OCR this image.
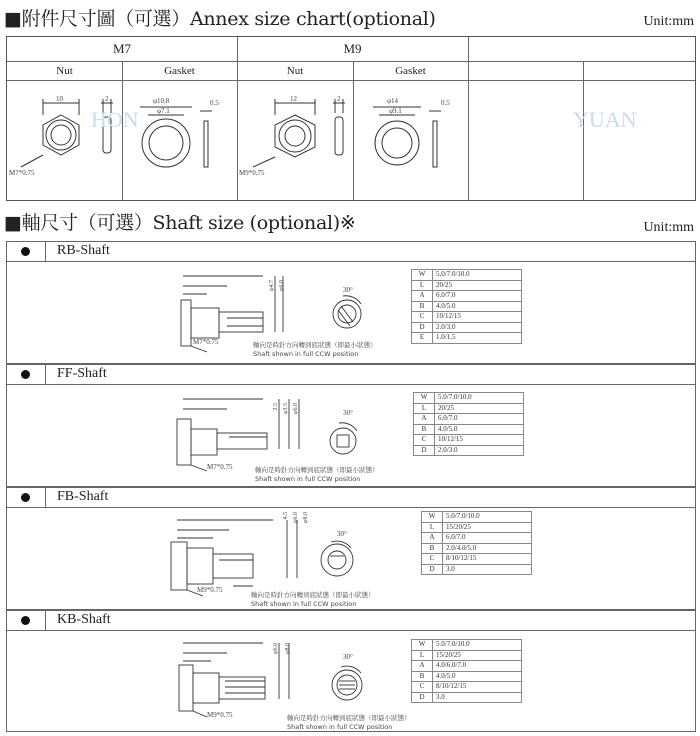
■附件尺寸圖（可選）Annex size chart(optional)	Unit:mm
M7	M9
Nut	Gasket	Nut	Gasket
10	2
M7*0.75
φ10.8
φ7.1
0.5	12	2
M9*0.75
φ14
φ9.1
0.5
HON	YUAN
■軸尺寸（可選）Shaft size (optional)※	Unit:mm
RB-Shaft
M7*0.75
φ4.7 φ6.0	30°
軸向是時針方向轉到底狀態（即最小狀態）
Shaft shown in full CCW position
W	5.0/7.0/10.0
L	20/25
A	6.0/7.0
B	4.0/5.0
C	10/12/15
D	2.0/3.0
E	1.0/1.5
FF-Shaft
M7*0.75
2.5 φ3.5 φ6.0	30°
軸向是時針方向轉到底狀態（即最小狀態）
Shaft shown in full CCW position
W	5.0/7.0/10.0
L	20/25
A	6.0/7.0
B	4.0/5.0
C	10/12/15
D	2.0/3.0
FB-Shaft
M9*0.75
4.5 φ6.0 φ8.0
30°
軸向是時針方向轉到底狀態（即最小狀態）
Shaft shown in full CCW position
W	5.0/7.0/10.0
L	15/20/25
A	6.0/7.0
B	2.0/4.0/5.0
C	8/10/12/15
D	3.0
KB-Shaft
M9*0.75
φ6.0 φ8.0
30°
軸向是時針方向轉到底狀態（即最小狀態）
Shaft shown in full CCW position
W	5.0/7.0/10.0
L	15/20/25
A	4.0/6.0/7.0
B	4.0/5.0
C	8/10/12/15
D	3.0
